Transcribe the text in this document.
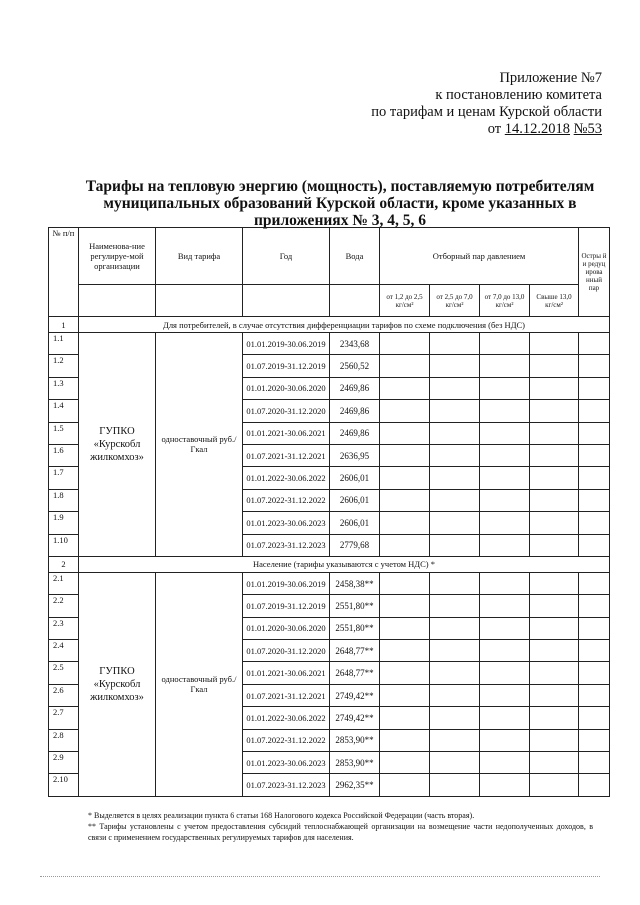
Приложение №7
к постановлению комитета
по тарифам и ценам Курской области
от 14.12.2018 №53
Тарифы на тепловую энергию (мощность), поставляемую потребителям муниципальных образований Курской области, кроме указанных в приложениях № 3, 4, 5, 6
№ п/п	Наименова-ние регулируе-мой организации	Вид тарифа	Год	Вода	Отборный пар давлением				Остры й и редуц ирова нный пар
					от 1,2 до 2,5 кг/см²	от 2,5 до 7,0 кг/см²	от 7,0 до 13,0 кг/см²	Свыше 13,0 кг/см²	
1	Для потребителей, в случае отсутствия дифференциации тарифов по схеме подключения (без НДС)								
1.1	ГУПКО «Курскобл жилкомхоз»	одноставочный руб./Гкал	01.01.2019-30.06.2019	2343,68					
1.2			01.07.2019-31.12.2019	2560,52					
1.3			01.01.2020-30.06.2020	2469,86					
1.4			01.07.2020-31.12.2020	2469,86					
1.5			01.01.2021-30.06.2021	2469,86					
1.6			01.07.2021-31.12.2021	2636,95					
1.7			01.01.2022-30.06.2022	2606,01					
1.8			01.07.2022-31.12.2022	2606,01					
1.9			01.01.2023-30.06.2023	2606,01					
1.10			01.07.2023-31.12.2023	2779,68					
2	Население (тарифы указываются с учетом НДС) *								
2.1	ГУПКО «Курскобл жилкомхоз»	одноставочный руб./Гкал	01.01.2019-30.06.2019	2458,38**					
2.2			01.07.2019-31.12.2019	2551,80**					
2.3			01.01.2020-30.06.2020	2551,80**					
2.4			01.07.2020-31.12.2020	2648,77**					
2.5			01.01.2021-30.06.2021	2648,77**					
2.6			01.07.2021-31.12.2021	2749,42**					
2.7			01.01.2022-30.06.2022	2749,42**					
2.8			01.07.2022-31.12.2022	2853,90**					
2.9			01.01.2023-30.06.2023	2853,90**					
2.10			01.07.2023-31.12.2023	2962,35**					
* Выделяется в целях реализации пункта 6 статьи 168 Налогового кодекса Российской Федерации (часть вторая).
** Тарифы установлены с учетом предоставления субсидий теплоснабжающей организации на возмещение части недополученных доходов, в связи с применением государственных регулируемых тарифов для населения.
